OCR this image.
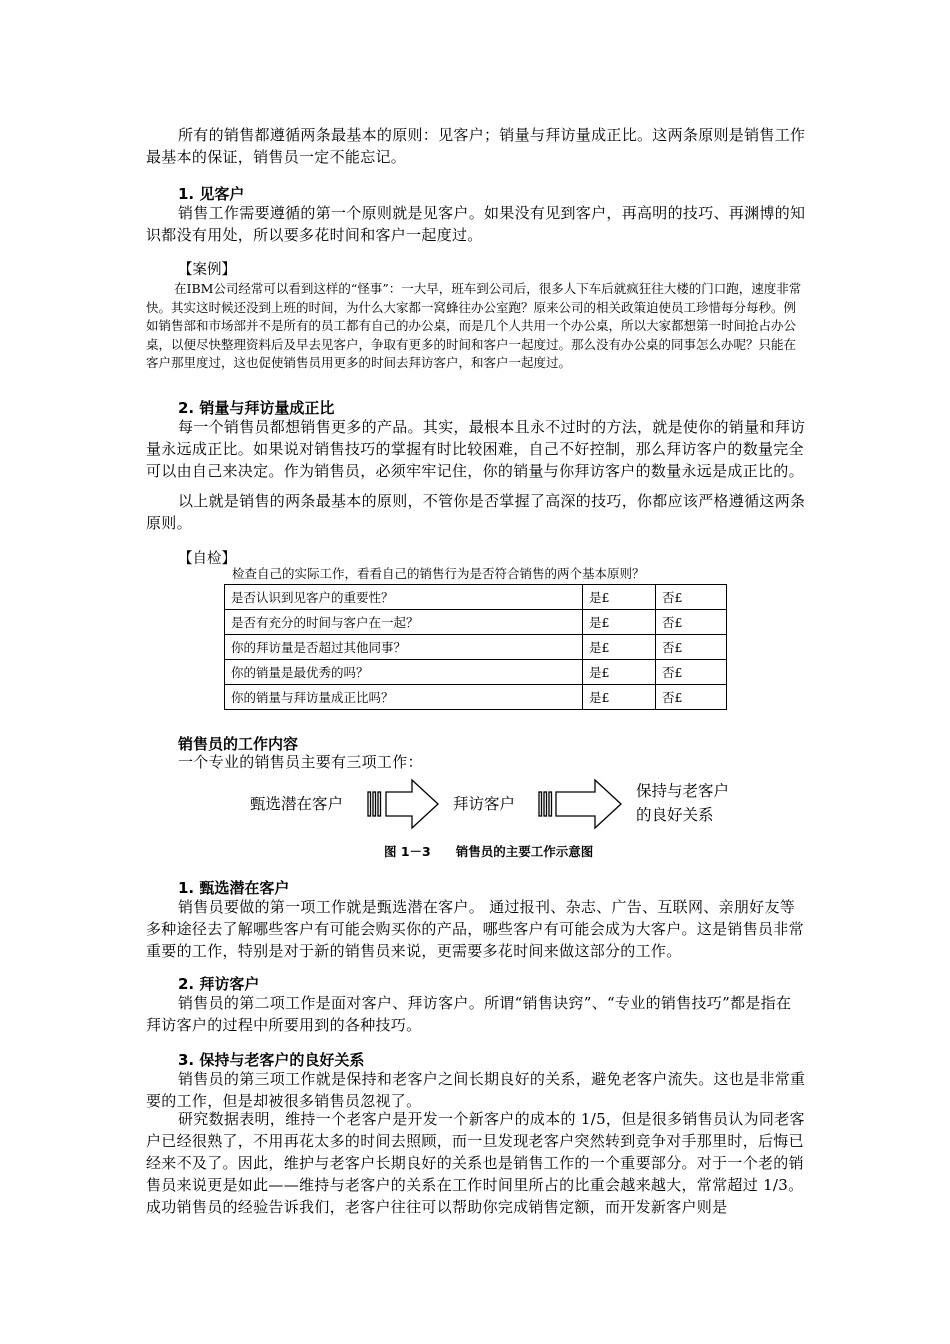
所有的销售都遵循两条最基本的原则：见客户；销量与拜访量成正比。这两条原则是销售工作最基本的保证，销售员一定不能忘记。

1. 见客户

销售工作需要遵循的第一个原则就是见客户。如果没有见到客户，再高明的技巧、再渊博的知识都没有用处，所以要多花时间和客户一起度过。

【案例】

在IBM公司经常可以看到这样的“怪事”：一大早，班车到公司后，很多人下车后就疯狂往大楼的门口跑，速度非常快。其实这时候还没到上班的时间，为什么大家都一窝蜂往办公室跑？原来公司的相关政策迫使员工珍惜每分每秒。例如销售部和市场部并不是所有的员工都有自己的办公桌，而是几个人共用一个办公桌，所以大家都想第一时间抢占办公桌，以便尽快整理资料后及早去见客户，争取有更多的时间和客户一起度过。那么没有办公桌的同事怎么办呢？只能在客户那里度过，这也促使销售员用更多的时间去拜访客户，和客户一起度过。

2. 销量与拜访量成正比

每一个销售员都想销售更多的产品。其实，最根本且永不过时的方法，就是使你的销量和拜访量永远成正比。如果说对销售技巧的掌握有时比较困难，自己不好控制，那么拜访客户的数量完全可以由自己来决定。作为销售员，必须牢牢记住，你的销量与你拜访客户的数量永远是成正比的。

以上就是销售的两条最基本的原则，不管你是否掌握了高深的技巧，你都应该严格遵循这两条原则。

【自检】
检查自己的实际工作，看看自己的销售行为是否符合销售的两个基本原则？
是否认识到见客户的重要性？	是£	否£
是否有充分的时间与客户在一起？	是£	否£
你的拜访量是否超过其他同事？	是£	否£
你的销量是最优秀的吗？	是£	否£
你的销量与拜访量成正比吗？	是£	否£
销售员的工作内容

一个专业的销售员主要有三项工作：

甄选潜在客户	拜访客户
保持与老客户
的良好关系
图 1－3　　销售员的主要工作示意图
1. 甄选潜在客户

销售员要做的第一项工作就是甄选潜在客户。 通过报刊、杂志、广告、互联网、亲朋好友等多种途径去了解哪些客户有可能会购买你的产品，哪些客户有可能会成为大客户。这是销售员非常重要的工作，特别是对于新的销售员来说，更需要多花时间来做这部分的工作。

2. 拜访客户

销售员的第二项工作是面对客户、拜访客户。所谓“销售诀窍”、“专业的销售技巧”都是指在拜访客户的过程中所要用到的各种技巧。

3. 保持与老客户的良好关系

销售员的第三项工作就是保持和老客户之间长期良好的关系，避免老客户流失。这也是非常重要的工作，但是却被很多销售员忽视了。

研究数据表明，维持一个老客户是开发一个新客户的成本的 1/5，但是很多销售员认为同老客户已经很熟了，不用再花太多的时间去照顾，而一旦发现老客户突然转到竞争对手那里时，后悔已经来不及了。因此，维护与老客户长期良好的关系也是销售工作的一个重要部分。对于一个老的销售员来说更是如此——维持与老客户的关系在工作时间里所占的比重会越来越大，常常超过 1/3。成功销售员的经验告诉我们，老客户往往可以帮助你完成销售定额，而开发新客户则是
